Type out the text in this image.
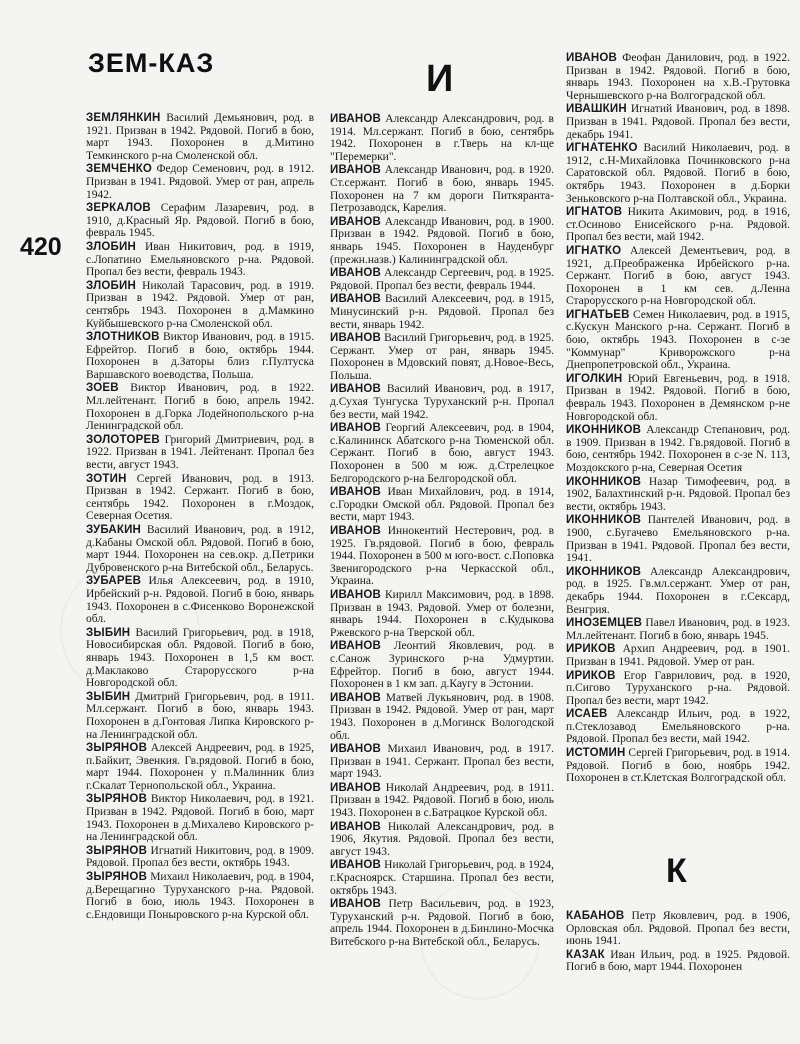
ЗЕМ-КАЗ
420
И
К

ЗЕМЛЯНКИН Василий Демьянович, род. в 1921. Призван в 1942. Рядовой. Погиб в бою, март 1943. Похоронен в д.Митино Темкинского р-на Смоленской обл.

ЗЕМЧЕНКО Федор Семенович, род. в 1912. Призван в 1941. Рядовой. Умер от ран, апрель 1942.

ЗЕРКАЛОВ Серафим Лазаревич, род. в 1910, д.Красный Яр. Рядовой. Погиб в бою, февраль 1945.

ЗЛОБИН Иван Никитович, род. в 1919, с.Лопатино Емельяновского р-на. Рядовой. Пропал без вести, февраль 1943.

ЗЛОБИН Николай Тарасович, род. в 1919. Призван в 1942. Рядовой. Умер от ран, сентябрь 1943. Похоронен в д.Мамкино Куйбышевского р-на Смоленской обл.

ЗЛОТНИКОВ Виктор Иванович, род. в 1915. Ефрейтор. Погиб в бою, октябрь 1944. Похоронен в д.Заторы близ г.Пултуска Варшавского воеводства, Польша.

ЗОЕВ Виктор Иванович, род. в 1922. Мл.лейтенант. Погиб в бою, апрель 1942. Похоронен в д.Горка Лодейнопольского р-на Ленинградской обл.

ЗОЛОТОРЕВ Григорий Дмитриевич, род. в 1922. Призван в 1941. Лейтенант. Пропал без вести, август 1943.

ЗОТИН Сергей Иванович, род. в 1913. Призван в 1942. Сержант. Погиб в бою, сентябрь 1942. Похоронен в г.Моздок, Северная Осетия.

ЗУБАКИН Василий Иванович, род. в 1912, д.Кабаны Омской обл. Рядовой. Погиб в бою, март 1944. Похоронен на сев.окр. д.Петрики Дубровенского р-на Витебской обл., Беларусь.

ЗУБАРЕВ Илья Алексеевич, род. в 1910, Ирбейский р-н. Рядовой. Погиб в бою, январь 1943. Похоронен в с.Фисенково Воронежской обл.

ЗЫБИН Василий Григорьевич, род. в 1918, Новосибирская обл. Рядовой. Погиб в бою, январь 1943. Похоронен в 1,5 км вост. д.Маклаково Старорусского р-на Новгородской обл.

ЗЫБИН Дмитрий Григорьевич, род. в 1911. Мл.сержант. Погиб в бою, январь 1943. Похоронен в д.Гонтовая Липка Кировского р-на Ленинградской обл.

ЗЫРЯНОВ Алексей Андреевич, род. в 1925, п.Байкит, Эвенкия. Гв.рядовой. Погиб в бою, март 1944. Похоронен у п.Малинник близ г.Скалат Тернопольской обл., Украина.

ЗЫРЯНОВ Виктор Николаевич, род. в 1921. Призван в 1942. Рядовой. Погиб в бою, март 1943. Похоронен в д.Михалево Кировского р-на Ленинградской обл.

ЗЫРЯНОВ Игнатий Никитович, род. в 1909. Рядовой. Пропал без вести, октябрь 1943.

ЗЫРЯНОВ Михаил Николаевич, род. в 1904, д.Верещагино Туруханского р-на. Рядовой. Погиб в бою, июль 1943. Похоронен в с.Ендовищи Поныровского р-на Курской обл.

ИВАНОВ Александр Александрович, род. в 1914. Мл.сержант. Погиб в бою, сентябрь 1942. Похоронен в г.Тверь на кл-ще "Перемерки".

ИВАНОВ Александр Иванович, род. в 1920. Ст.сержант. Погиб в бою, январь 1945. Похоронен на 7 км дороги Питкяранта-Петрозаводск, Карелия.

ИВАНОВ Александр Иванович, род. в 1900. Призван в 1942. Рядовой. Погиб в бою, январь 1945. Похоронен в Науденбург (прежн.назв.) Калининградской обл.

ИВАНОВ Александр Сергеевич, род. в 1925. Рядовой. Пропал без вести, февраль 1944.

ИВАНОВ Василий Алексеевич, род. в 1915, Минусинский р-н. Рядовой. Пропал без вести, январь 1942.

ИВАНОВ Василий Григорьевич, род. в 1925. Сержант. Умер от ран, январь 1945. Похоронен в Мдовский повят, д.Новое-Весь, Польша.

ИВАНОВ Василий Иванович, род. в 1917, д.Сухая Тунгуска Туруханский р-н. Пропал без вести, май 1942.

ИВАНОВ Георгий Алексеевич, род. в 1904, с.Калининск Абатского р-на Тюменской обл. Сержант. Погиб в бою, август 1943. Похоронен в 500 м юж. д.Стрелецкое Белгородского р-на Белгородской обл.

ИВАНОВ Иван Михайлович, род. в 1914, с.Городки Омской обл. Рядовой. Пропал без вести, март 1943.

ИВАНОВ Иннокентий Нестерович, род. в 1925. Гв.рядовой. Погиб в бою, февраль 1944. Похоронен в 500 м юго-вост. с.Поповка Звенигородского р-на Черкасской обл., Украина.

ИВАНОВ Кирилл Максимович, род. в 1898. Призван в 1943. Рядовой. Умер от болезни, январь 1944. Похоронен в с.Кудыкова Ржевского р-на Тверской обл.

ИВАНОВ Леонтий Яковлевич, род. в с.Санож Зуринского р-на Удмуртии. Ефрейтор. Погиб в бою, август 1944. Похоронен в 1 км зап. д.Каугу в Эстонии.

ИВАНОВ Матвей Лукьянович, род. в 1908. Призван в 1942. Рядовой. Умер от ран, март 1943. Похоронен в д.Могинск Вологодской обл.

ИВАНОВ Михаил Иванович, род. в 1917. Призван в 1941. Сержант. Пропал без вести, март 1943.

ИВАНОВ Николай Андреевич, род. в 1911. Призван в 1942. Рядовой. Погиб в бою, июль 1943. Похоронен в с.Батрацкое Курской обл.

ИВАНОВ Николай Александрович, род. в 1906, Якутия. Рядовой. Пропал без вести, август 1943.

ИВАНОВ Николай Григорьевич, род. в 1924, г.Красноярск. Старшина. Пропал без вести, октябрь 1943.

ИВАНОВ Петр Васильевич, род. в 1923, Туруханский р-н. Рядовой. Погиб в бою, апрель 1944. Похоронен в д.Бинлино-Мосчка Витебского р-на Витебской обл., Беларусь.

ИВАНОВ Феофан Данилович, род. в 1922. Призван в 1942. Рядовой. Погиб в бою, январь 1943. Похоронен на х.В.-Грутовка Чернышевского р-на Волгоградской обл.

ИВАШКИН Игнатий Иванович, род. в 1898. Призван в 1941. Рядовой. Пропал без вести, декабрь 1941.

ИГНАТЕНКО Василий Николаевич, род. в 1912, с.Н-Михайловка Починковского р-на Саратовской обл. Рядовой. Погиб в бою, октябрь 1943. Похоронен в д.Борки Зеньковского р-на Полтавской обл., Украина.

ИГНАТОВ Никита Акимович, род. в 1916, ст.Осиново Енисейского р-на. Рядовой. Пропал без вести, май 1942.

ИГНАТКО Алексей Дементьевич, род. в 1921, д.Преображенка Ирбейского р-на. Сержант. Погиб в бою, август 1943. Похоронен в 1 км сев. д.Ленна Старорусского р-на Новгородской обл.

ИГНАТЬЕВ Семен Николаевич, род. в 1915, с.Кускун Манского р-на. Сержант. Погиб в бою, октябрь 1943. Похоронен в с-зе "Коммунар" Криворожского р-на Днепропетровской обл., Украина.

ИГОЛКИН Юрий Евгеньевич, род. в 1918. Призван в 1942. Рядовой. Погиб в бою, февраль 1943. Похоронен в Демянском р-не Новгородской обл.

ИКОННИКОВ Александр Степанович, род. в 1909. Призван в 1942. Гв.рядовой. Погиб в бою, сентябрь 1942. Похоронен в с-зе N. 113, Моздокского р-на, Северная Осетия

ИКОННИКОВ Назар Тимофеевич, род. в 1902, Балахтинский р-н. Рядовой. Пропал без вести, октябрь 1943.

ИКОННИКОВ Пантелей Иванович, род. в 1900, с.Бугачево Емельяновского р-на. Призван в 1941. Рядовой. Пропал без вести, 1941.

ИКОННИКОВ Александр Александрович, род. в 1925. Гв.мл.сержант. Умер от ран, декабрь 1944. Похоронен в г.Сексард, Венгрия.

ИНОЗЕМЦЕВ Павел Иванович, род. в 1923. Мл.лейтенант. Погиб в бою, январь 1945.

ИРИКОВ Архип Андреевич, род. в 1901. Призван в 1941. Рядовой. Умер от ран.

ИРИКОВ Егор Гаврилович, род. в 1920, п.Сигово Туруханского р-на. Рядовой. Пропал без вести, март 1942.

ИСАЕВ Александр Ильич, род. в 1922, п.Стеклозавод Емельяновского р-на. Рядовой. Пропал без вести, май 1942.

ИСТОМИН Сергей Григорьевич, род. в 1914. Рядовой. Погиб в бою, ноябрь 1942. Похоронен в ст.Клетская Волгоградской обл.

КАБАНОВ Петр Яковлевич, род. в 1906, Орловская обл. Рядовой. Пропал без вести, июнь 1941.

КАЗАК Иван Ильич, род. в 1925. Рядовой. Погиб в бою, март 1944. Похоронен
